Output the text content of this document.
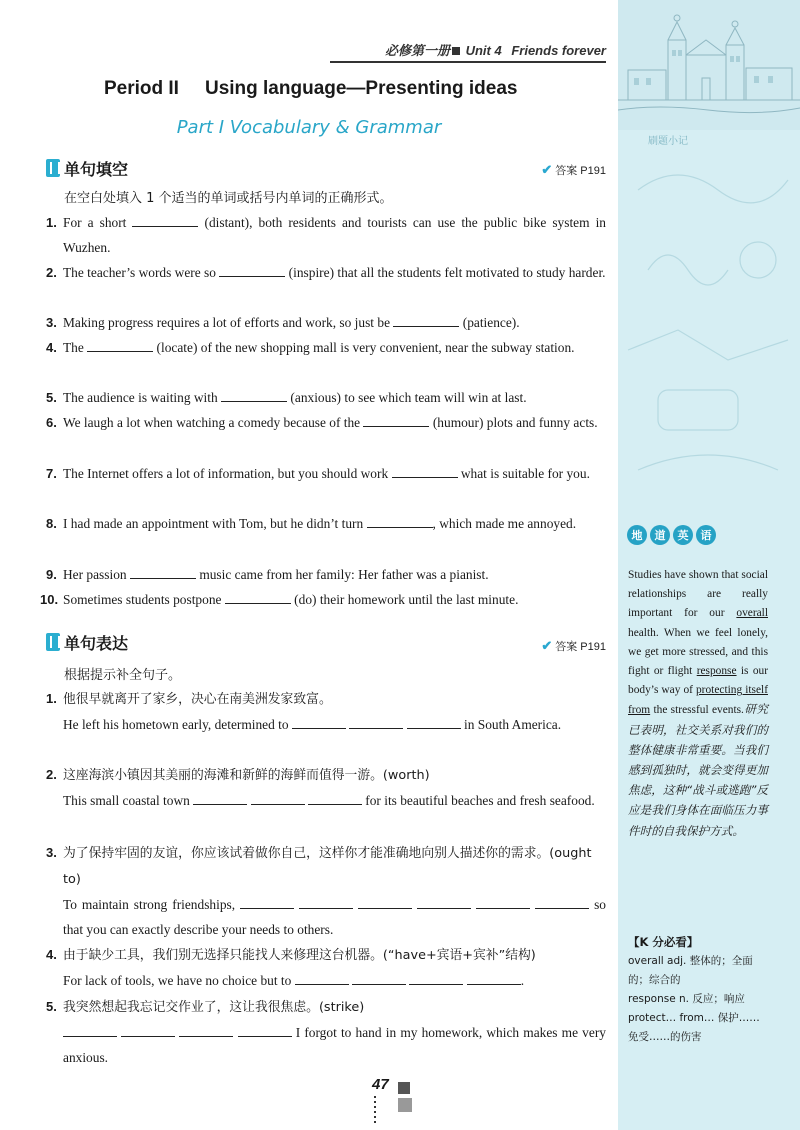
必修第一册 Unit 4 Friends forever
Period II Using language—Presenting ideas
Part I Vocabulary & Grammar
单句填空	✔ 答案 P191
在空白处填入 1 个适当的单词或括号内单词的正确形式。
1. For a short	(distant), both residents and tourists can use the public bike system in Wuzhen.
2. The teacher’s words were so	(inspire) that all the students felt motivated to study harder.
3. Making progress requires a lot of efforts and work, so just be	(patience).
4. The	(locate) of the new shopping mall is very convenient, near the subway station.
5. The audience is waiting with	(anxious) to see which team will win at last.
6. We laugh a lot when watching a comedy because of the	(humour) plots and funny acts.
7. The Internet offers a lot of information, but you should work	what is suitable for you.
8. I had made an appointment with Tom, but he didn’t turn	, which made me annoyed.
9. Her passion	music came from her family: Her father was a pianist.
10. Sometimes students postpone	(do) their homework until the last minute.
单句表达	✔ 答案 P191
根据提示补全句子。
1. 他很早就离开了家乡，决心在南美洲发家致富。
He left his hometown early, determined to	in South America.
2. 这座海滨小镇因其美丽的海滩和新鲜的海鲜而值得一游。(worth)
This small coastal town	for its beautiful beaches and fresh seafood.
3. 为了保持牢固的友谊，你应该试着做你自己，这样你才能准确地向别人描述你的需求。(ought to)
To maintain strong friendships,	so that you can exactly describe your needs to others.
4. 由于缺少工具，我们别无选择只能找人来修理这台机器。(“have+宾语+宾补”结构)
For lack of tools, we have no choice but to	.
5. 我突然想起我忘记交作业了，这让我很焦虑。(strike)
I forgot to hand in my homework, which makes me very anxious.
刷题小记
地	道	英	语
Studies have shown that social relationships are really important for our overall health. When we feel lonely, we get more stressed, and this fight or flight response is our body’s way of protecting itself from the stressful events.研究已表明，社交关系对我们的整体健康非常重要。当我们感到孤独时，就会变得更加焦虑，这种“战斗或逃跑”反应是我们身体在面临压力事件时的自我保护方式。
【K 分必看】
overall adj. 整体的；全面的；综合的
response n. 反应；响应
protect… from… 保护……免受……的伤害
47
